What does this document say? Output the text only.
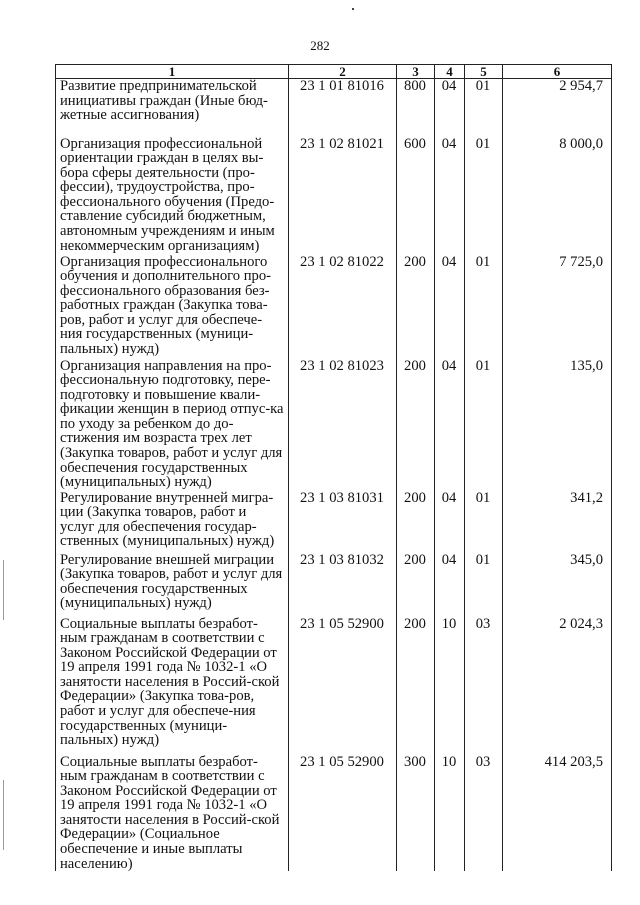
282
1	2	3	4	5	6
Развитие предпринимательской инициативы граждан (Иные бюд-жетные ассигнования)	23 1 01 81016	800	04	01	2 954,7
Организация профессиональной ориентации граждан в целях вы-бора сферы деятельности (про-фессии), трудоустройства, про-фессионального обучения (Предо-ставление субсидий бюджетным, автономным учреждениям и иным некоммерческим организациям)	23 1 02 81021	600	04	01	8 000,0
Организация профессионального обучения и дополнительного про-фессионального образования без-работных граждан (Закупка това-ров, работ и услуг для обеспече-ния государственных (муници-пальных) нужд)	23 1 02 81022	200	04	01	7 725,0
Организация направления на про-фессиональную подготовку, пере-подготовку и повышение квали-фикации женщин в период отпус-ка по уходу за ребенком до до-стижения им возраста трех лет (Закупка товаров, работ и услуг для обеспечения государственных (муниципальных) нужд)	23 1 02 81023	200	04	01	135,0
Регулирование внутренней мигра-ции (Закупка товаров, работ и услуг для обеспечения государ-ственных (муниципальных) нужд)	23 1 03 81031	200	04	01	341,2
Регулирование внешней миграции (Закупка товаров, работ и услуг для обеспечения государственных (муниципальных) нужд)	23 1 03 81032	200	04	01	345,0
Социальные выплаты безработ-ным гражданам в соответствии с Законом Российской Федерации от 19 апреля 1991 года № 1032-1 «О занятости населения в Россий-ской Федерации» (Закупка това-ров, работ и услуг для обеспече-ния государственных (муници-пальных) нужд)	23 1 05 52900	200	10	03	2 024,3
Социальные выплаты безработ-ным гражданам в соответствии с Законом Российской Федерации от 19 апреля 1991 года № 1032-1 «О занятости населения в Россий-ской Федерации» (Социальное обеспечение и иные выплаты населению)	23 1 05 52900	300	10	03	414 203,5
